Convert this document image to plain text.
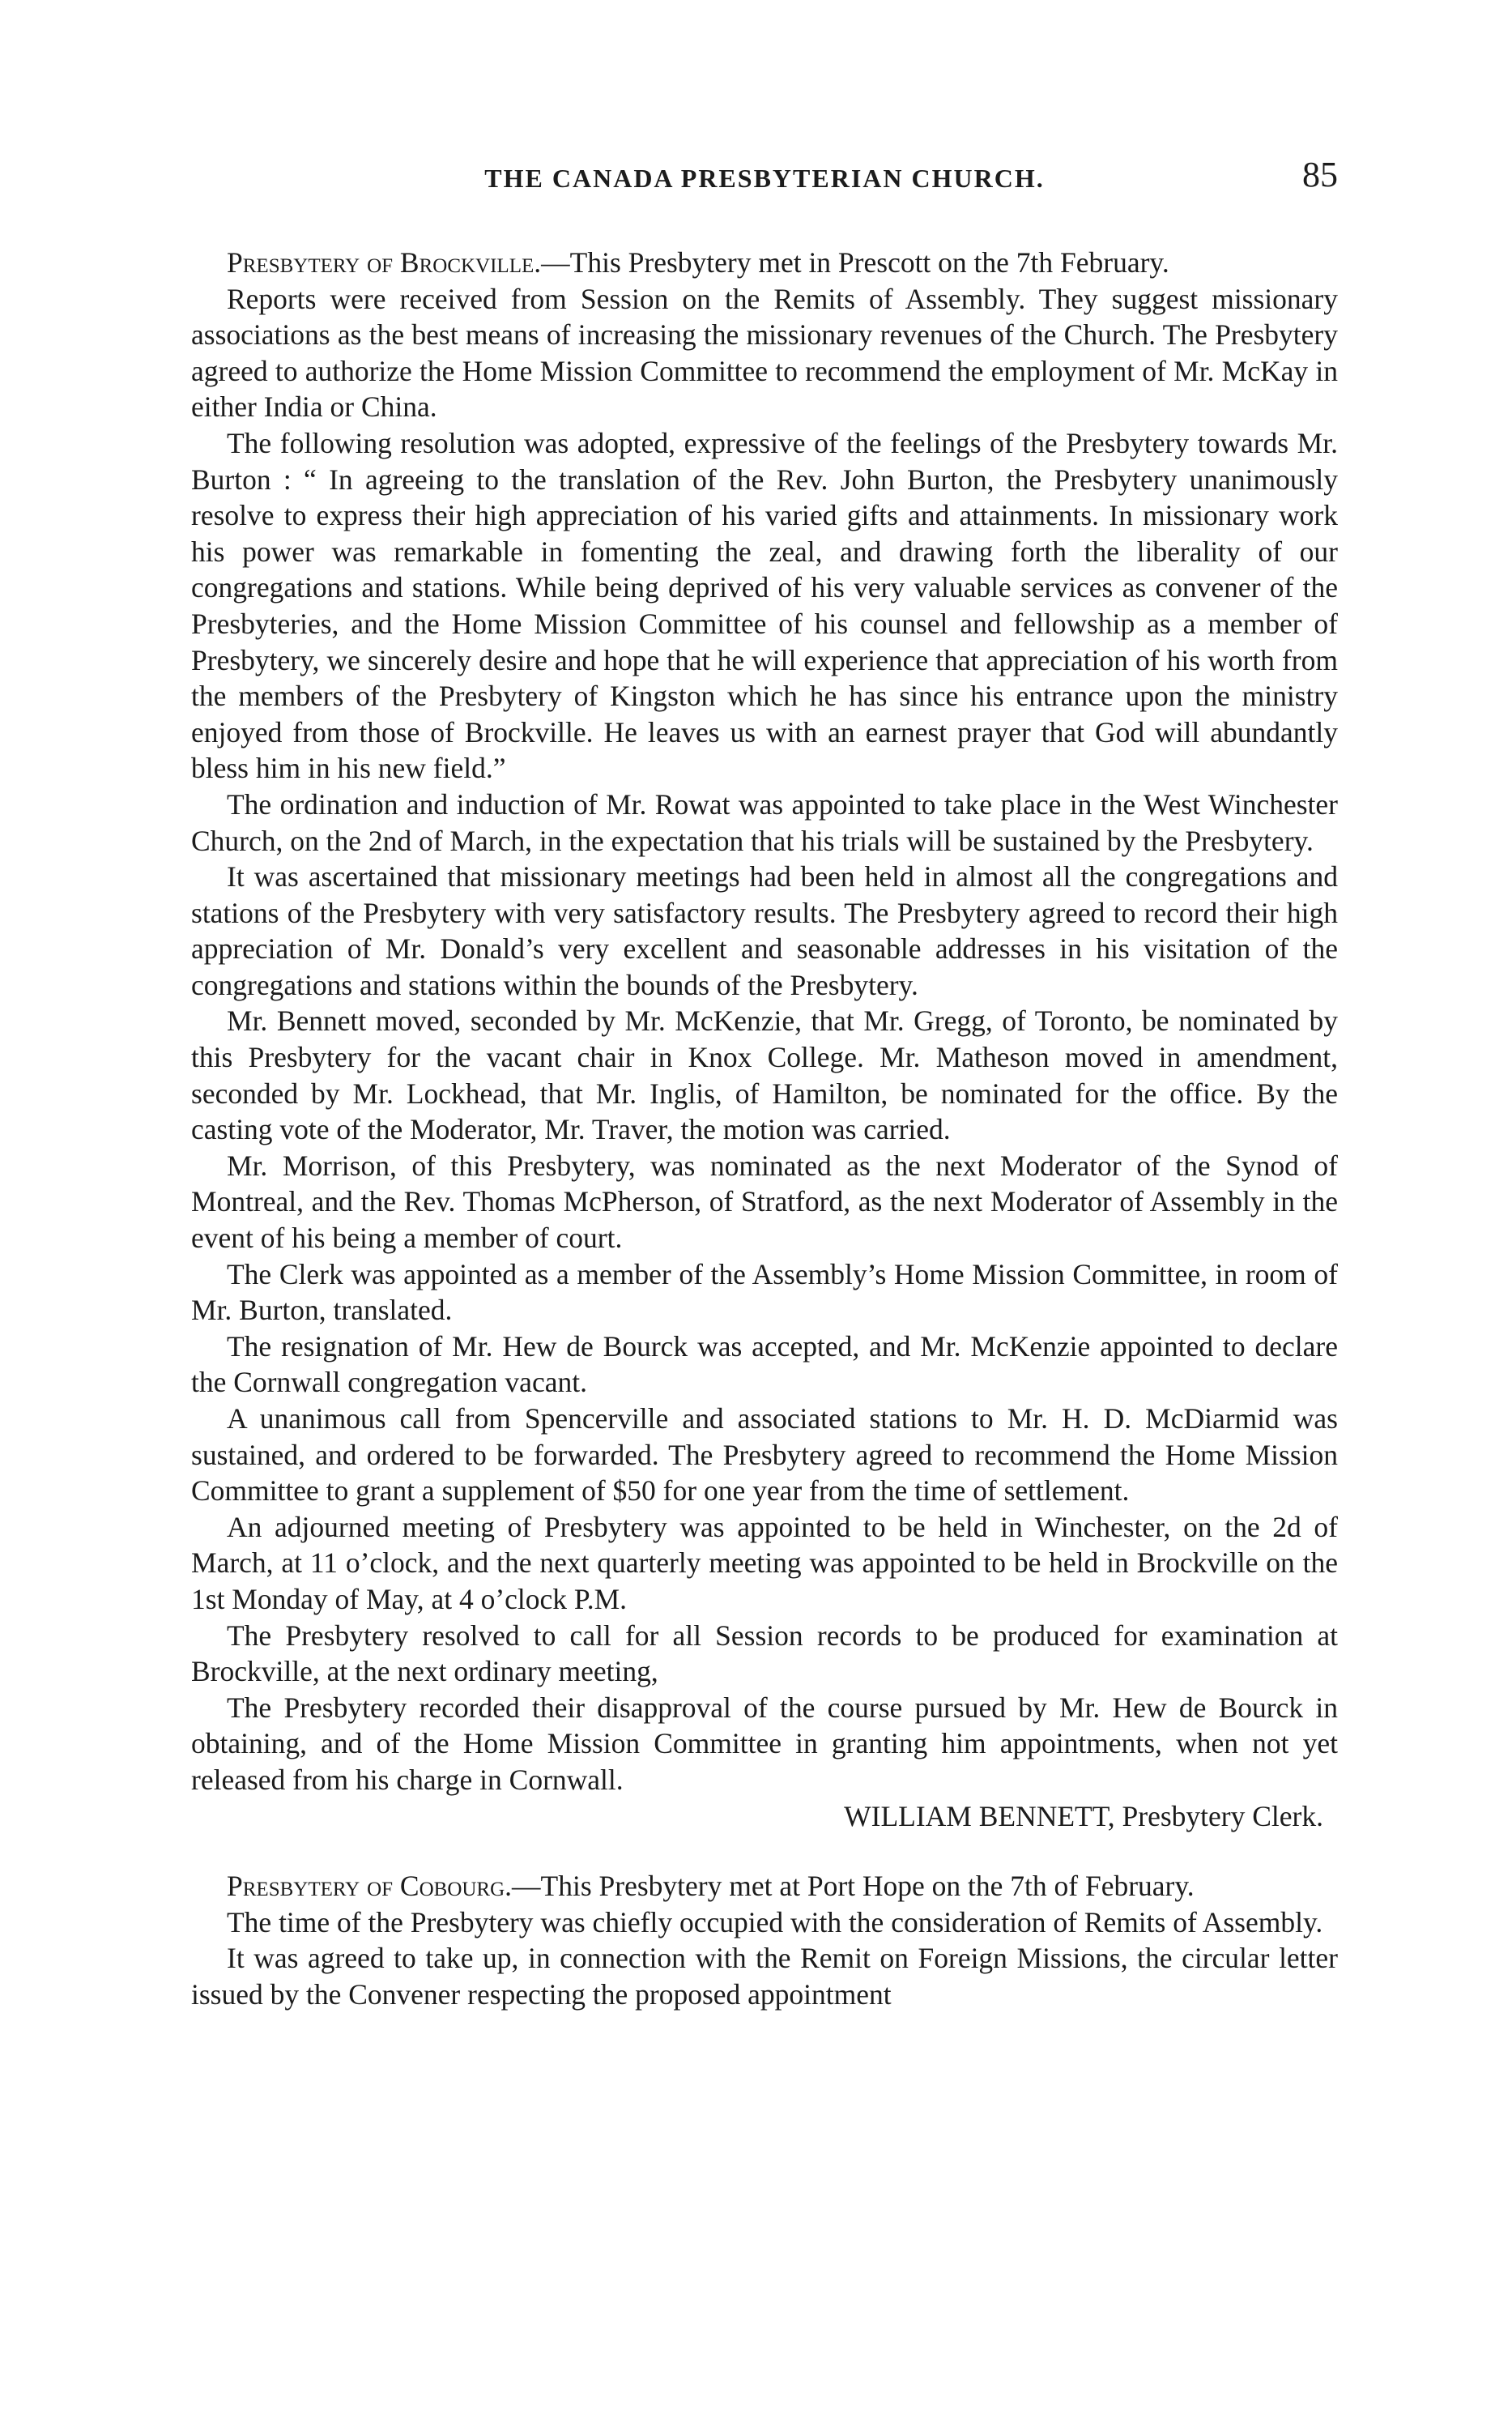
THE CANADA PRESBYTERIAN CHURCH.	85

Presbytery of Brockville.—This Presbytery met in Prescott on the 7th February.

Reports were received from Session on the Remits of Assembly. They suggest missionary associations as the best means of increasing the missionary revenues of the Church. The Presbytery agreed to authorize the Home Mission Committee to recommend the employment of Mr. McKay in either India or China.

The following resolution was adopted, expressive of the feelings of the Presbytery towards Mr. Burton : “ In agreeing to the translation of the Rev. John Burton, the Presbytery unanimously resolve to express their high appreciation of his varied gifts and attainments. In missionary work his power was remarkable in fomenting the zeal, and drawing forth the liberality of our congregations and stations. While being deprived of his very valuable services as convener of the Presbyteries, and the Home Mission Committee of his counsel and fellowship as a member of Presbytery, we sincerely desire and hope that he will experience that appreciation of his worth from the members of the Presbytery of Kingston which he has since his entrance upon the ministry enjoyed from those of Brockville. He leaves us with an earnest prayer that God will abundantly bless him in his new field.”

The ordination and induction of Mr. Rowat was appointed to take place in the West Winchester Church, on the 2nd of March, in the expectation that his trials will be sustained by the Presbytery.

It was ascertained that missionary meetings had been held in almost all the congregations and stations of the Presbytery with very satisfactory results. The Presbytery agreed to record their high appreciation of Mr. Donald’s very excellent and seasonable addresses in his visitation of the congregations and stations within the bounds of the Presbytery.

Mr. Bennett moved, seconded by Mr. McKenzie, that Mr. Gregg, of Toronto, be nominated by this Presbytery for the vacant chair in Knox College. Mr. Matheson moved in amendment, seconded by Mr. Lockhead, that Mr. Inglis, of Hamilton, be nominated for the office. By the casting vote of the Moderator, Mr. Traver, the motion was carried.

Mr. Morrison, of this Presbytery, was nominated as the next Moderator of the Synod of Montreal, and the Rev. Thomas McPherson, of Stratford, as the next Moderator of Assembly in the event of his being a member of court.

The Clerk was appointed as a member of the Assembly’s Home Mission Committee, in room of Mr. Burton, translated.

The resignation of Mr. Hew de Bourck was accepted, and Mr. McKenzie appointed to declare the Cornwall congregation vacant.

A unanimous call from Spencerville and associated stations to Mr. H. D. McDiarmid was sustained, and ordered to be forwarded. The Presbytery agreed to recommend the Home Mission Committee to grant a supplement of $50 for one year from the time of settlement.

An adjourned meeting of Presbytery was appointed to be held in Winchester, on the 2d of March, at 11 o’clock, and the next quarterly meeting was appointed to be held in Brockville on the 1st Monday of May, at 4 o’clock P.M.

The Presbytery resolved to call for all Session records to be produced for examination at Brockville, at the next ordinary meeting,

The Presbytery recorded their disapproval of the course pursued by Mr. Hew de Bourck in obtaining, and of the Home Mission Committee in granting him appointments, when not yet released from his charge in Cornwall.

WILLIAM BENNETT, Presbytery Clerk.

Presbytery of Cobourg.—This Presbytery met at Port Hope on the 7th of February.

The time of the Presbytery was chiefly occupied with the consideration of Remits of Assembly.

It was agreed to take up, in connection with the Remit on Foreign Missions, the circular letter issued by the Convener respecting the proposed appointment
